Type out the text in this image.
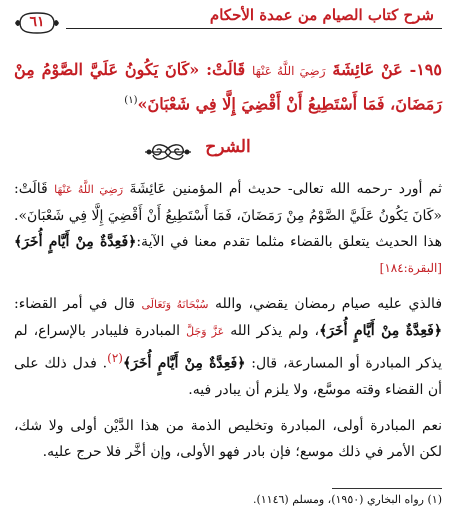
٦١	شرح كتاب الصيام من عمدة الأحكام
١٩٥- عَنْ عَائِشَةَ رَضِيَ اللَّهُ عَنْهَا قَالَتْ: «كَانَ يَكُونُ عَلَيَّ الصَّوْمُ مِنْ رَمَضَانَ، فَمَا أَسْتَطِيعُ أَنْ أَقْضِيَ إِلَّا فِي شَعْبَانَ»$^{(١)}$
الشرح

ثم أورد -رحمه الله تعالى- حديث أم المؤمنين عَائِشَةَ رَضِيَ اللَّهُ عَنْهَا قَالَتْ: «كَانَ يَكُونُ عَلَيَّ الصَّوْمُ مِنْ رَمَضَانَ، فَمَا أَسْتَطِيعُ أَنْ أَقْضِيَ إِلَّا فِي شَعْبَانَ». هذا الحديث يتعلق بالقضاء مثلما تقدم معنا في الآية:﴿فَعِدَّةٌ مِنْ أَيَّامٍ أُخَرَ﴾ [البقرة:١٨٤]

فالذي عليه صيام رمضان يقضي، والله سُبْحَانَهُ وَتَعَالَى قال في أمر القضاء: ﴿فَعِدَّةٌ مِنْ أَيَّامٍ أُخَرَ﴾، ولم يذكر الله عَزَّ وَجَلَّ المبادرة فليبادر بالإسراع، لم يذكر المبادرة أو المسارعة، قال: ﴿فَعِدَّةٌ مِنْ أَيَّامٍ أُخَرَ﴾$^{(٢)}$. فدل ذلك على أن القضاء وقته موسَّع، ولا يلزم أن يبادر فيه.

نعم المبادرة أولى، المبادرة وتخليص الذمة من هذا الدَّيْن أولى ولا شك، لكن الأمر في ذلك موسع؛ فإن بادر فهو الأولى، وإن أخَّر فلا حرج عليه.

(١) رواه البخاري (١٩٥٠)، ومسلم (١١٤٦).
